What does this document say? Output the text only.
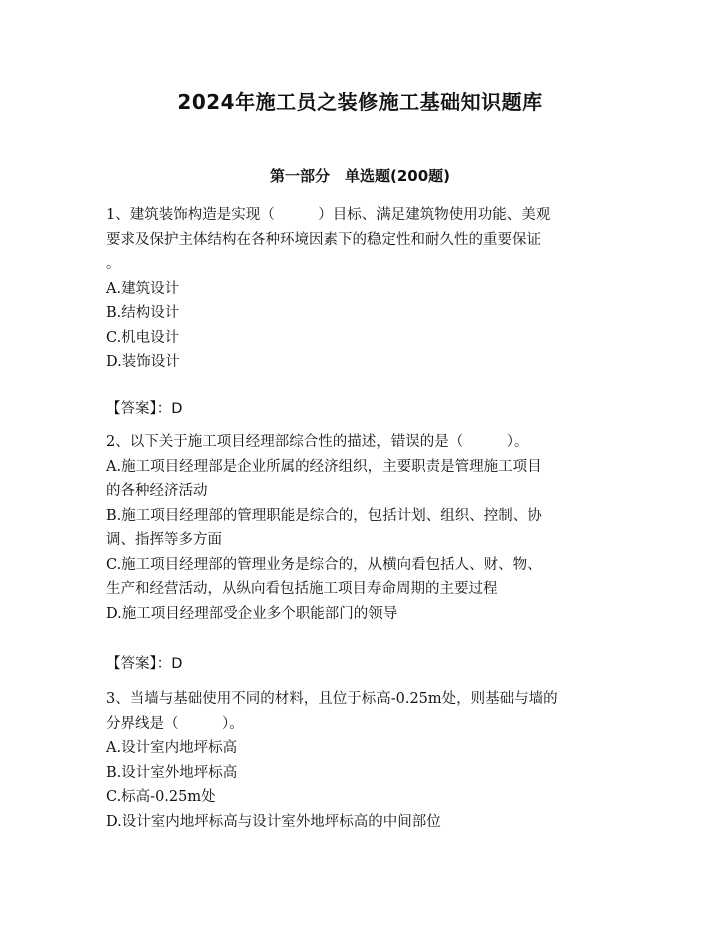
2024年施工员之装修施工基础知识题库
第一部分　单选题(200题)
1、建筑装饰构造是实现（　　　）目标、满足建筑物使用功能、美观
要求及保护主体结构在各种环境因素下的稳定性和耐久性的重要保证
。
A.建筑设计
B.结构设计
C.机电设计
D.装饰设计
【答案】：D
2、以下关于施工项目经理部综合性的描述，错误的是（　　　）。
A.施工项目经理部是企业所属的经济组织，主要职责是管理施工项目
的各种经济活动
B.施工项目经理部的管理职能是综合的，包括计划、组织、控制、协
调、指挥等多方面
C.施工项目经理部的管理业务是综合的，从横向看包括人、财、物、
生产和经营活动，从纵向看包括施工项目寿命周期的主要过程
D.施工项目经理部受企业多个职能部门的领导
【答案】：D
3、当墙与基础使用不同的材料，且位于标高-0.25m处，则基础与墙的
分界线是（　　　）。
A.设计室内地坪标高
B.设计室外地坪标高
C.标高-0.25m处
D.设计室内地坪标高与设计室外地坪标高的中间部位
